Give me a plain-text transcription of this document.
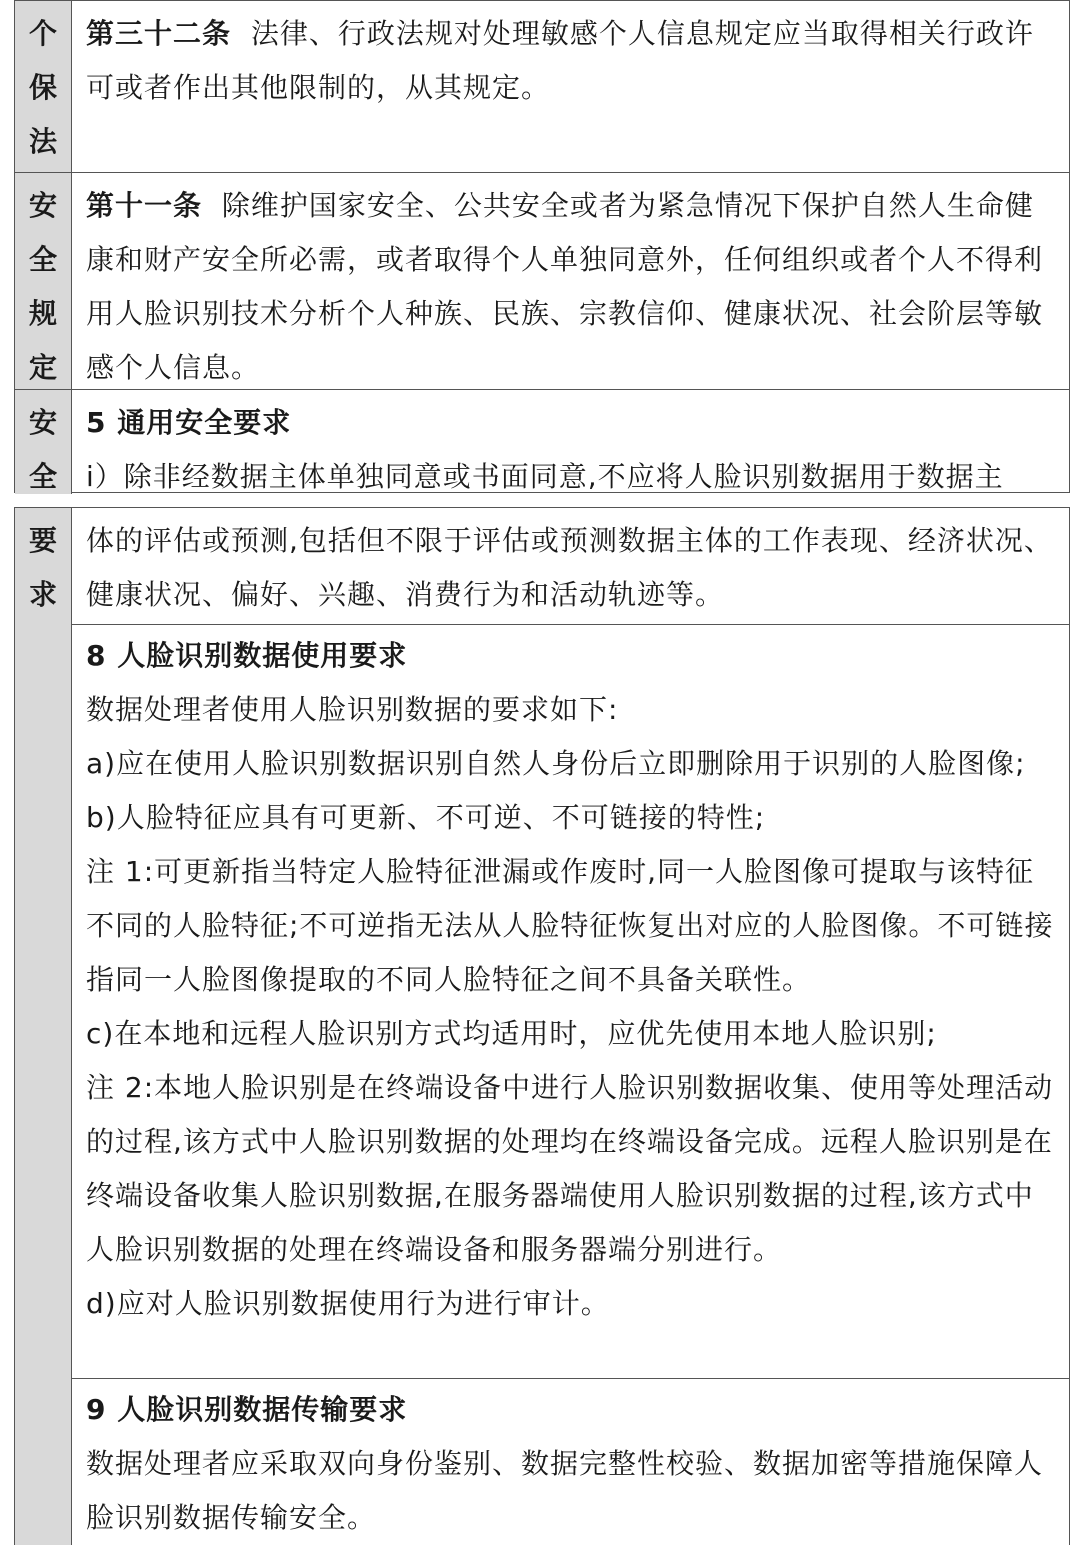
个
保
法

第三十二条 法律、行政法规对处理敏感个人信息规定应当取得相关行政许可或者作出其他限制的，从其规定。

安
全
规
定

第十一条 除维护国家安全、公共安全或者为紧急情况下保护自然人生命健康和财产安全所必需，或者取得个人单独同意外，任何组织或者个人不得利用人脸识别技术分析个人种族、民族、宗教信仰、健康状况、社会阶层等敏感个人信息。

安
全

5 通用安全要求

i）除非经数据主体单独同意或书面同意,不应将人脸识别数据用于数据主

要
求

体的评估或预测,包括但不限于评估或预测数据主体的工作表现、经济状况、健康状况、偏好、兴趣、消费行为和活动轨迹等。

8 人脸识别数据使用要求

数据处理者使用人脸识别数据的要求如下:

a)应在使用人脸识别数据识别自然人身份后立即删除用于识别的人脸图像;

b)人脸特征应具有可更新、不可逆、不可链接的特性;

注 1:可更新指当特定人脸特征泄漏或作废时,同一人脸图像可提取与该特征不同的人脸特征;不可逆指无法从人脸特征恢复出对应的人脸图像。不可链接指同一人脸图像提取的不同人脸特征之间不具备关联性。

c)在本地和远程人脸识别方式均适用时，应优先使用本地人脸识别;

注 2:本地人脸识别是在终端设备中进行人脸识别数据收集、使用等处理活动的过程,该方式中人脸识别数据的处理均在终端设备完成。远程人脸识别是在终端设备收集人脸识别数据,在服务器端使用人脸识别数据的过程,该方式中人脸识别数据的处理在终端设备和服务器端分别进行。

d)应对人脸识别数据使用行为进行审计。

9 人脸识别数据传输要求

数据处理者应采取双向身份鉴别、数据完整性校验、数据加密等措施保障人脸识别数据传输安全。
